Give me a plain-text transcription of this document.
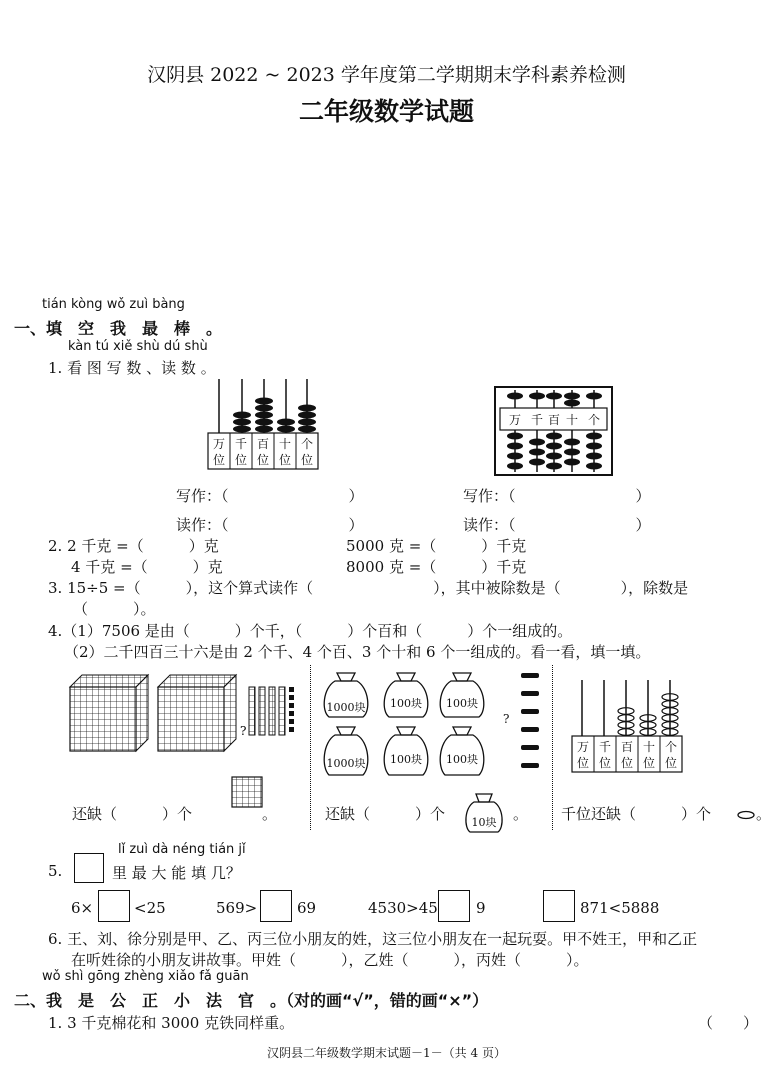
汉阴县 2022 ~ 2023 学年度第二学期期末学科素养检测
二年级数学试题
tián kòng wǒ zuì bàng
一、填　空　我　最　棒　。
kàn tú xiě shù dú shù
1. 看 图 写 数 、读 数 。
万
位
千
位
百
位
十
位
个
位
万 千 百 十 个
写作：（　　　　　　　　）
读作：（　　　　　　　　）
写作：（　　　　　　　　）
读作：（　　　　　　　　）
2. 2 千克 =（　　　）克	5000 克 =（　　　）千克
4 千克 =（　　　）克	8000 克 =（　　　）千克
3. 15÷5 =（　　　），这个算式读作（　　　　　　　　），其中被除数是（　　　　），除数是
（　　　）。
4.（1）7506 是由（　　　）个千，（　　　）个百和（　　　）个一组成的。
（2）二千四百三十六是由 2 个千、4 个百、3 个十和 6 个一组成的。看一看，填一填。
?
还缺（　　　）个	。
1000块 100块 100块
1000块 100块 100块
?
还缺（　　　）个 10块 。
万
位
千
位
百
位
十
位
个
位
千位还缺（　　　）个	。
lǐ zuì dà néng tián jǐ
5.	里 最 大 能 填 几？
6×	<25	569>	69	4530>45	9	871<5888
6. 王、刘、徐分别是甲、乙、丙三位小朋友的姓，这三位小朋友在一起玩耍。甲不姓王，甲和乙正
在听姓徐的小朋友讲故事。甲姓（　　　），乙姓（　　　），丙姓（　　　）。
wǒ shì gōng zhèng xiǎo fǎ guān
二、我　是　公　正　小　法　官　。（对的画“√”，错的画“×”）
1. 3 千克棉花和 3000 克铁同样重。	（　　）
汉阴县二年级数学期末试题－1－（共 4 页）
